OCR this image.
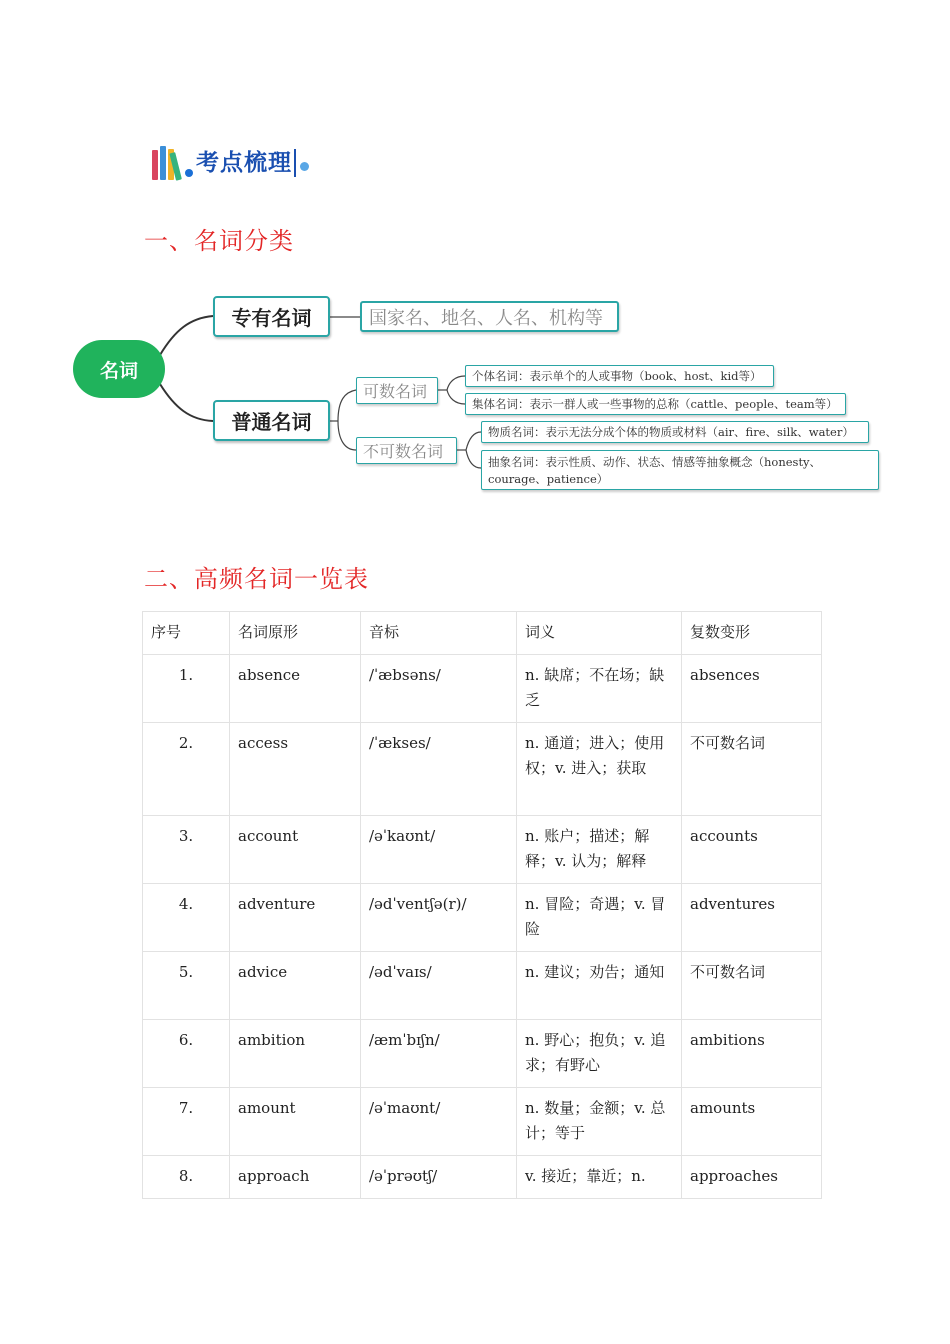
考点梳理
一、名词分类
名词
专有名词	国家名、地名、人名、机构等
普通名词
可数名词
不可数名词
个体名词：表示单个的人或事物（book、host、kid等）
集体名词：表示一群人或一些事物的总称（cattle、people、team等）
物质名词：表示无法分成个体的物质或材料（air、fire、silk、water）
抽象名词：表示性质、动作、状态、情感等抽象概念（honesty、courage、patience）
二、高频名词一览表
序号	名词原形	音标	词义	复数变形
1.	absence	/ˈæbsəns/	n. 缺席；不在场；缺乏	absences
2.	access	/ˈækses/	n. 通道；进入；使用权；v. 进入；获取	不可数名词
3.	account	/əˈkaʊnt/	n. 账户；描述；解释；v. 认为；解释	accounts
4.	adventure	/ədˈventʃə(r)/	n. 冒险；奇遇；v. 冒险	adventures
5.	advice	/ədˈvaɪs/	n. 建议；劝告；通知	不可数名词
6.	ambition	/æmˈbɪʃn/	n. 野心；抱负；v. 追求；有野心	ambitions
7.	amount	/əˈmaʊnt/	n. 数量；金额；v. 总计；等于	amounts
8.	approach	/əˈprəʊtʃ/	v. 接近；靠近；n.	approaches
